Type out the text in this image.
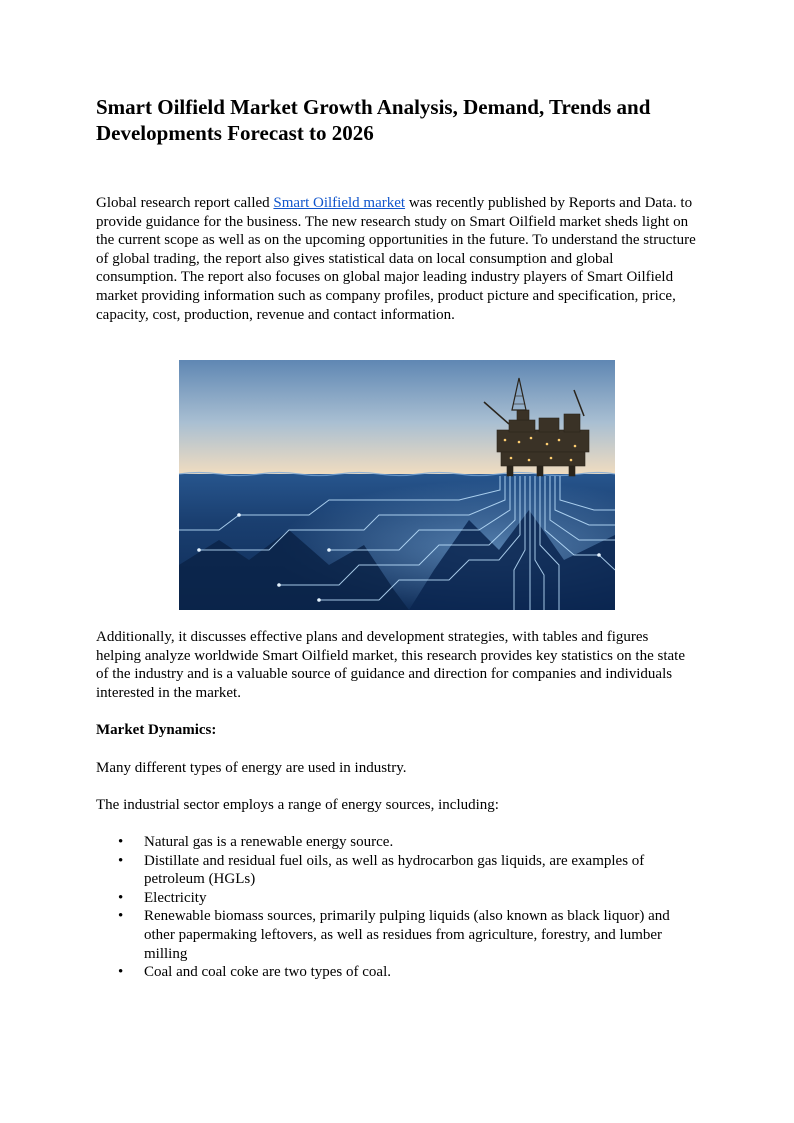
Smart Oilfield Market Growth Analysis, Demand, Trends and Developments Forecast to 2026

Global research report called Smart Oilfield market was recently published by Reports and Data. to provide guidance for the business. The new research study on Smart Oilfield market sheds light on the current scope as well as on the upcoming opportunities in the future. To understand the structure of global trading, the report also gives statistical data on local consumption and global consumption. The report also focuses on global major leading industry players of Smart Oilfield market providing information such as company profiles, product picture and specification, price, capacity, cost, production, revenue and contact information.

Additionally, it discusses effective plans and development strategies, with tables and figures helping analyze worldwide Smart Oilfield market, this research provides key statistics on the state of the industry and is a valuable source of guidance and direction for companies and individuals interested in the market.

Market Dynamics:

Many different types of energy are used in industry.

The industrial sector employs a range of energy sources, including:

• Natural gas is a renewable energy source.
• Distillate and residual fuel oils, as well as hydrocarbon gas liquids, are examples of petroleum (HGLs)
• Electricity
• Renewable biomass sources, primarily pulping liquids (also known as black liquor) and other papermaking leftovers, as well as residues from agriculture, forestry, and lumber milling
• Coal and coal coke are two types of coal.
